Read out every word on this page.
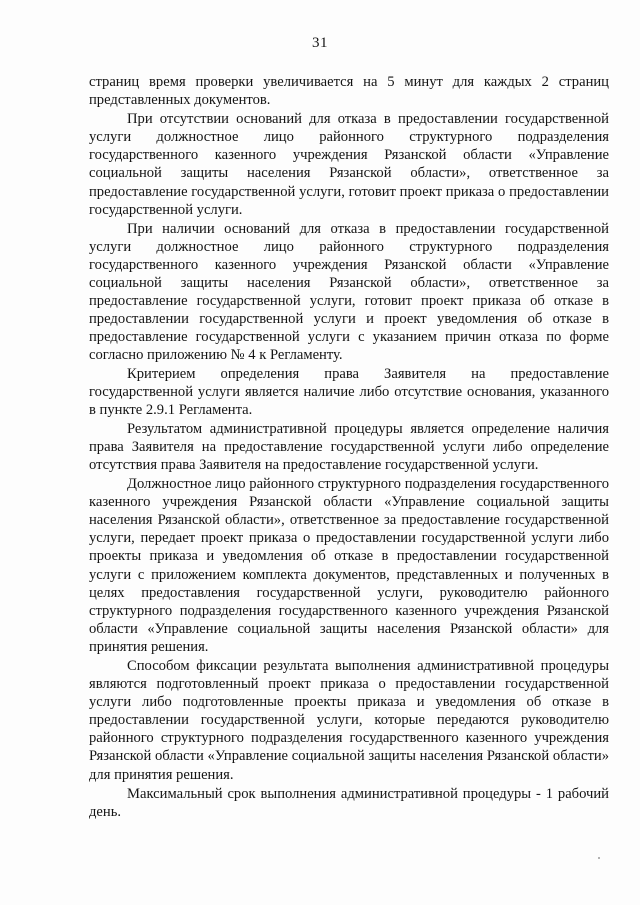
31

страниц время проверки увеличивается на 5 минут для каждых 2 страниц представленных документов.

При отсутствии оснований для отказа в предоставлении государственной услуги должностное лицо районного структурного подразделения государственного казенного учреждения Рязанской области «Управление социальной защиты населения Рязанской области», ответственное за предоставление государственной услуги, готовит проект приказа о предоставлении государственной услуги.

При наличии оснований для отказа в предоставлении государственной услуги должностное лицо районного структурного подразделения государственного казенного учреждения Рязанской области «Управление социальной защиты населения Рязанской области», ответственное за предоставление государственной услуги, готовит проект приказа об отказе в предоставлении государственной услуги и проект уведомления об отказе в предоставление государственной услуги с указанием причин отказа по форме согласно приложению № 4 к Регламенту.

Критерием определения права Заявителя на предоставление государственной услуги является наличие либо отсутствие основания, указанного в пункте 2.9.1 Регламента.

Результатом административной процедуры является определение наличия права Заявителя на предоставление государственной услуги либо определение отсутствия права Заявителя на предоставление государственной услуги.

Должностное лицо районного структурного подразделения государственного казенного учреждения Рязанской области «Управление социальной защиты населения Рязанской области», ответственное за предоставление государственной услуги, передает проект приказа о предоставлении государственной услуги либо проекты приказа и уведомления об отказе в предоставлении государственной услуги с приложением комплекта документов, представленных и полученных в целях предоставления государственной услуги, руководителю районного структурного подразделения государственного казенного учреждения Рязанской области «Управление социальной защиты населения Рязанской области» для принятия решения.

Способом фиксации результата выполнения административной процедуры являются подготовленный проект приказа о предоставлении государственной услуги либо подготовленные проекты приказа и уведомления об отказе в предоставлении государственной услуги, которые передаются руководителю районного структурного подразделения государственного казенного учреждения Рязанской области «Управление социальной защиты населения Рязанской области» для принятия решения.

Максимальный срок выполнения административной процедуры - 1 рабочий день.
